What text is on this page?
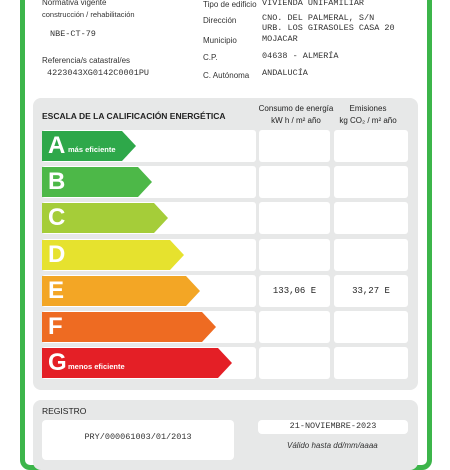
Normativa vigente
construcción / rehabilitación
NBE-CT-79
Referencia/s catastral/es
4223043XG0142C0001PU
Tipo de edificio VIVIENDA UNIFAMILIAR
Dirección	CNO. DEL PALMERAL, S/N
URB. LOS GIRASOLES CASA 20
Municipio	MOJACAR
C.P.	04638 - ALMERÍA
C. Autónoma	ANDALUCÍA
ESCALA DE LA CALIFICACIÓN ENERGÉTICA
Consumo de energía
kW h / m² año
Emisiones
kg CO₂ / m² año
A más eficiente
B
C
D
E	133,06 E	33,27 E
F
G menos eficiente
REGISTRO
PRY/000061003/01/2013
21-NOVIEMBRE-2023
Válido hasta dd/mm/aaaa
